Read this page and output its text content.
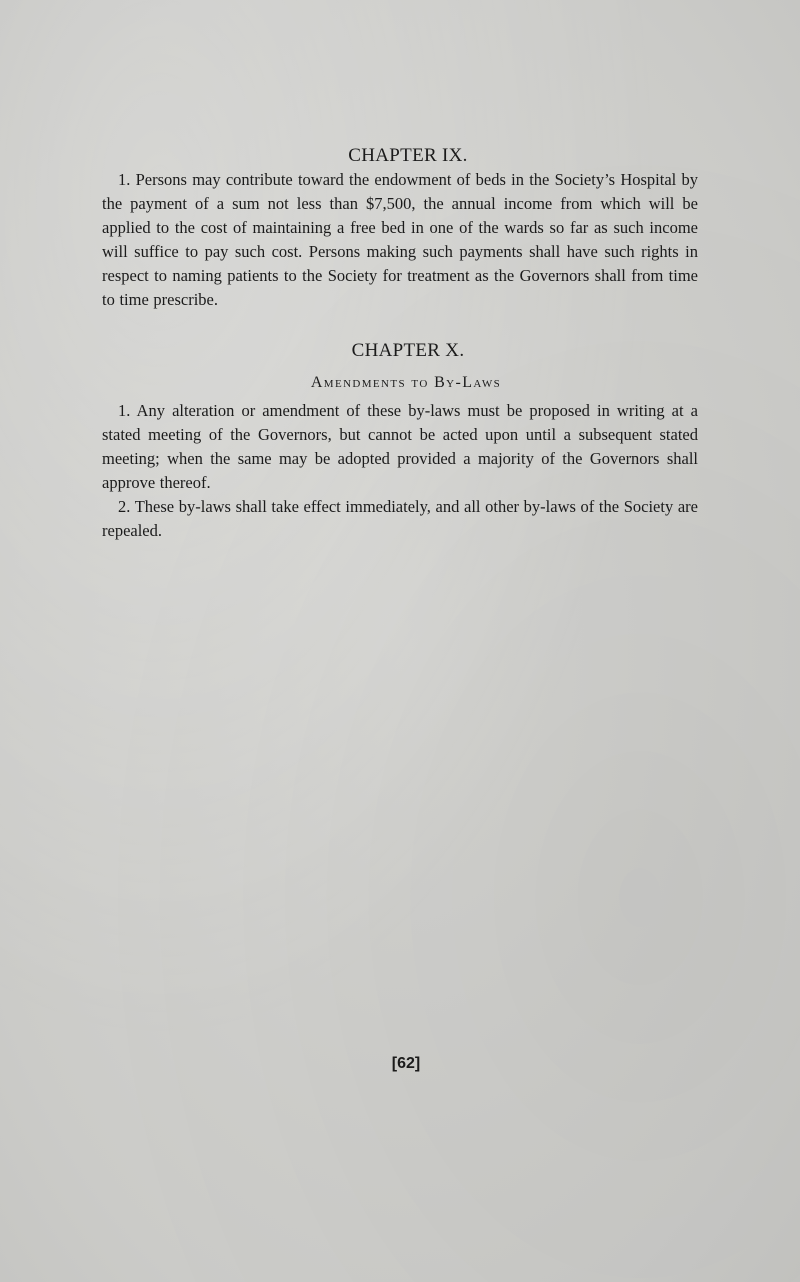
CHAPTER IX.

1. Persons may contribute toward the endowment of beds in the Society’s Hospital by the payment of a sum not less than $7,500, the annual income from which will be applied to the cost of maintaining a free bed in one of the wards so far as such income will suffice to pay such cost. Persons making such payments shall have such rights in respect to naming patients to the Society for treatment as the Governors shall from time to time prescribe.

CHAPTER X.
Amendments to By-Laws

1. Any alteration or amendment of these by-laws must be proposed in writing at a stated meeting of the Governors, but cannot be acted upon until a subsequent stated meeting; when the same may be adopted provided a majority of the Governors shall approve thereof.

2. These by-laws shall take effect immediately, and all other by-laws of the Society are repealed.

[62]
